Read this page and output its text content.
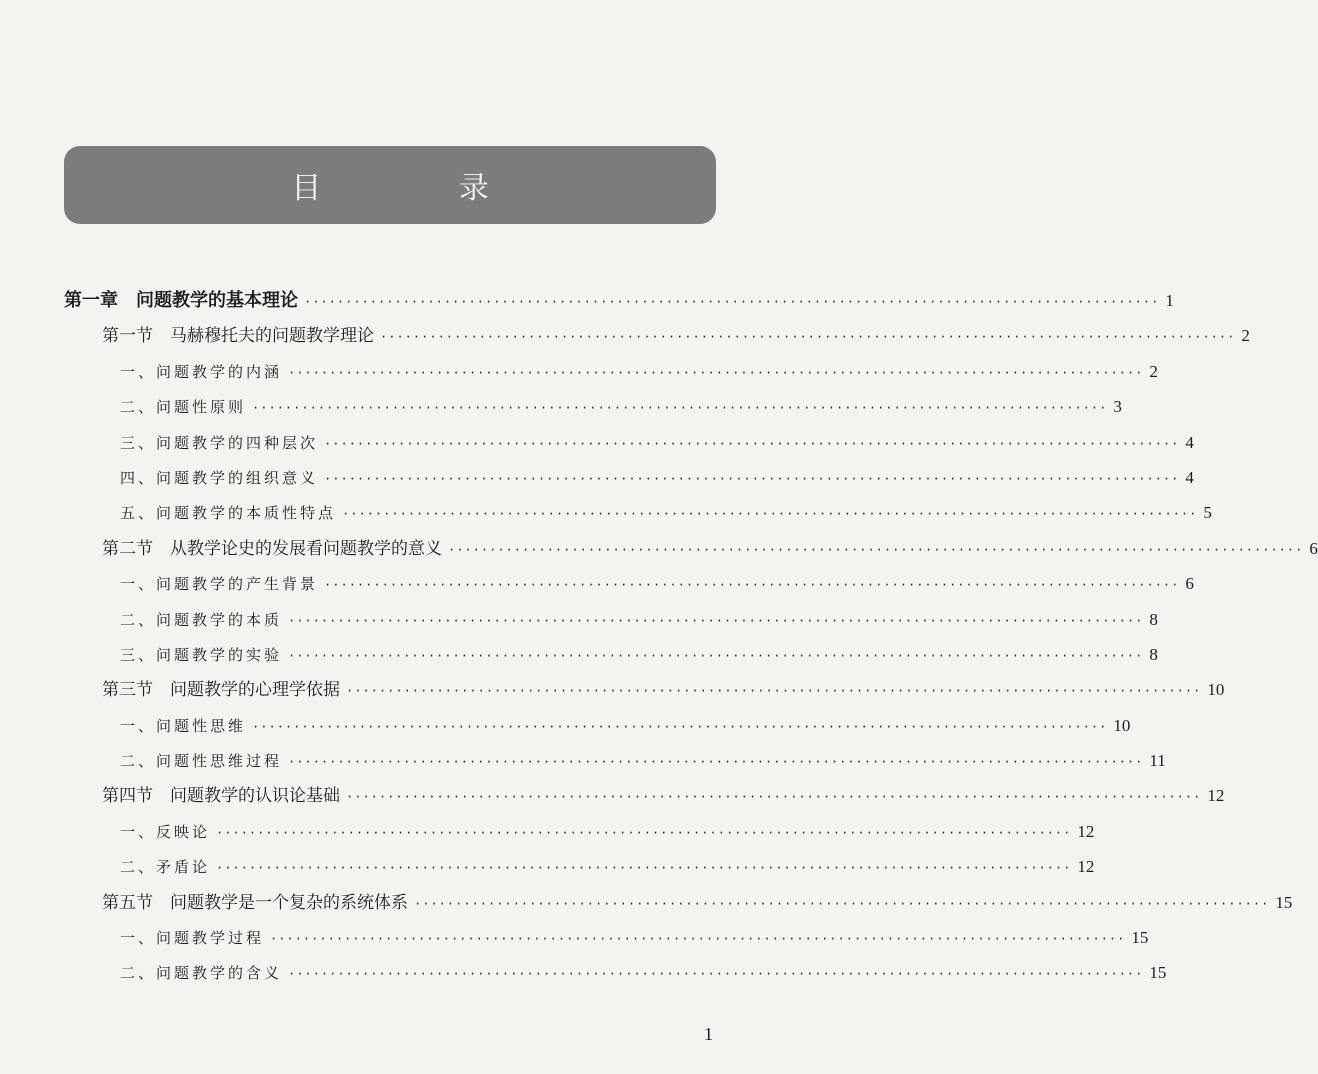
目 录
第一章　问题教学的基本理论 ········································································································ 1
第一节　马赫穆托夫的问题教学理论 ········································································································ 2
一、问题教学的内涵 ········································································································ 2
二、问题性原则 ········································································································ 3
三、问题教学的四种层次 ········································································································ 4
四、问题教学的组织意义 ········································································································ 4
五、问题教学的本质性特点 ········································································································ 5
第二节　从教学论史的发展看问题教学的意义 ········································································································ 6
一、问题教学的产生背景 ········································································································ 6
二、问题教学的本质 ········································································································ 8
三、问题教学的实验 ········································································································ 8
第三节　问题教学的心理学依据 ········································································································ 10
一、问题性思维 ········································································································ 10
二、问题性思维过程 ········································································································ 11
第四节　问题教学的认识论基础 ········································································································ 12
一、反映论 ········································································································ 12
二、矛盾论 ········································································································ 12
第五节　问题教学是一个复杂的系统体系 ········································································································ 15
一、问题教学过程 ········································································································ 15
二、问题教学的含义 ········································································································ 15
1
